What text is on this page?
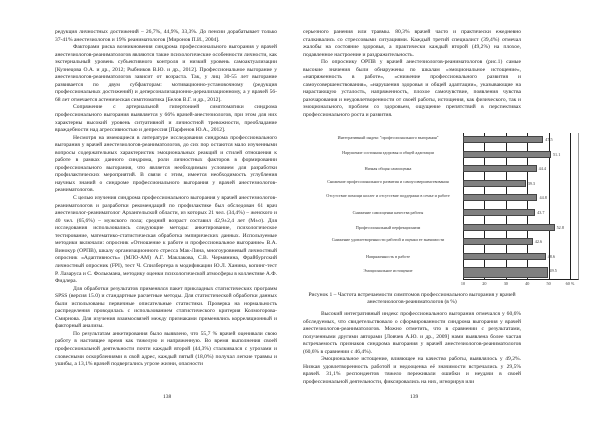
редукция личностных достижений – 26,7%, 44,9%, 33,3%. До пенсии дорабатывает только 37-41% анестезиологов и 19% реаниматологов [Миронов П.И., 2004].

Факторами риска возникновения синдрома профессионального выгорания у врачей анестезиологов-реаниматологов являются такие психологические особенности личности, как экстернальный уровень субъективного контроля и низкий уровень самоактуализации [Кузнецова О.А. и др., 2012; Рыбников В.Ю. и др., 2012]. Профессиональное выгорание у анестезиологов-реаниматологов зависит от возраста. Так, у лиц 30-55 лет выгорание развивается по двум субфакторам: мотивационно-установочному (редукция профессиональных достижений) и деперсонализационно-дереализационному, а у врачей 56-68 лет отмечается астеническая симптоматика [Белов В.Г. и др., 2012].

Сопряжение с артериальной гипертонией симптоматики синдрома профессионального выгорания выявляется у 66% врачей-анестезиологов, при этом для них характерны высокий уровень ситуативной и личностной тревожности, преобладание враждебности над агрессивностью и депрессия [Парфенов Ю.А., 2012].

Несмотря на имеющиеся в литературе исследования синдрома профессионального выгорания у врачей анестезиологов-реаниматологов, до сих пор остаются мало изученными вопросы содержательных характеристик эмоциональных реакций и стилей отношения к работе в рамках данного синдрома, роли личностных факторов в формировании профессионального выгорания, что является необходимым условием для разработки профилактических мероприятий. В связи с этим, имеется необходимость углубления научных знаний о синдроме профессионального выгорания у врачей анестезиологов-реаниматологов.

С целью изучения синдрома профессионального выгорания у врачей анестезиологов-реаниматологов и разработки рекомендаций по профилактике был обследован 61 врач анестезиолог-реаниматолог Архангельской области, из которых 21 чел. (34,4%) – женского и 40 чел. (65,6%) – мужского пола; средний возраст составил 42,9±2,4 лет (M±σ). Для исследования использовались следующие методы: анкетирование, психологическое тестирование, математико-статистическая обработка эмпирических данных. Используемые методики включали: опросник «Отношение к работе и профессиональное выгорание» В.А. Винокур (ОРПВ), шкалу организационного стресса Мак-Лина, многоуровневый личностный опросник «Адаптивность» (МЛО-АМ) А.Г. Маклакова, С.В. Чермянина, Фрайбургский личностный опросник (FPI), тест Ч. Спилбергера в модификации Ю.Л. Ханина, копинг-тест Р. Лазаруса и С. Фолькмана, методику оценки психологической атмосферы в коллективе А.Ф. Фидлера.

Для обработки результатов применялся пакет прикладных статистических программ SPSS (версия 15.0) и стандартные расчетные методы. Для статистической обработки данных были использованы первичные описательные статистики. Проверка на нормальность распределения проводилась с использованием статистического критерия Колмогорова-Смирнова. Для изучения взаимосвязей между признаками применялись корреляционный и факторный анализы.

По результатам анкетирования было выявлено, что 55,7 % врачей оценивали свою работу в настоящее время как тяжелую и напряженную. Во время выполнения своей профессиональной деятельности почти каждый второй (44,3%) сталкивался с угрозами и словесными оскорблениями в свой адрес, каждый пятый (18,0%) получал легкие травмы и ушибы, а 13,1% врачей подвергались угрозе жизни, опасности

138

серьезного ранения или травмы. 80,3% врачей часто и практически ежедневно сталкивались со стрессовыми ситуациями. Каждый третий специалист (39,4%) отмечал жалобы на состояние здоровья, а практически каждый второй (49,2%) на плохое, подавленное настроение и раздражительность.

По опроснику ОРПВ у врачей анестезиологов-реаниматологов (рис.1) самые высокие значения были обнаружены по шкалам «эмоциональное истощение», «напряженность в работе», «снижение профессионального развития и самоусовершенствования», «нарушения здоровья и общей адаптации», указывающие на нарастающую усталость, напряженность, плохое самочувствие, появления чувства разочарования и неудовлетворенности от своей работы, истощения, как физического, так и эмоционального, проблем со здоровьем, ощущение препятствий в перспективах профессионального роста и развития.

10	20	30	40	50	60 %
Интегративный индекс "профессионального выгорания"	47.5
Нарушение состояния здоровья и общей адаптации	51.1
Низкая общая самооценка	44.4
Снижение профессионального развития и самоусовершенствования	39.3
Отсутствие помощи коллег и отсутствие поддержки в семье и работе	44.8
Снижение самооценки качества работы	43.7
Профессиональный перфекционизм	52.8
Снижение удовлетворенности работой и оценки ее значимости	42.6
Напряженность в работе	48.6
Эмоциональное истощение	49.5
Рисунок 1 – Частота встречаемости симптомов профессионального выгорания у врачей анестезиологов-реаниматологов (в %)

Высокий интегративный индекс профессионального выгорания отмечался у 60,6% обследуемых, что свидетельствовало о сформированности синдрома выгорания у врачей анестезиологов-реаниматологов. Можно отметить, что в сравнении с результатами, полученными другими авторами [Ловчев А.Ю. и др., 2009] нами выявлена более частая встречаемость признаков синдрома выгорания у врачей анестезиологов-реаниматологов (60,6% в сравнении с 46,4%).

Эмоциональное истощение, влияющее на качество работы, выявлялось у 49,2%. Низкая удовлетворенность работой и недооценка её значимости встречались у 29,5% врачей. 31,1% респондентов тяжело переживали ошибки и неудачи в своей профессиональной деятельности, фиксировались на них, игнорируя или

139
